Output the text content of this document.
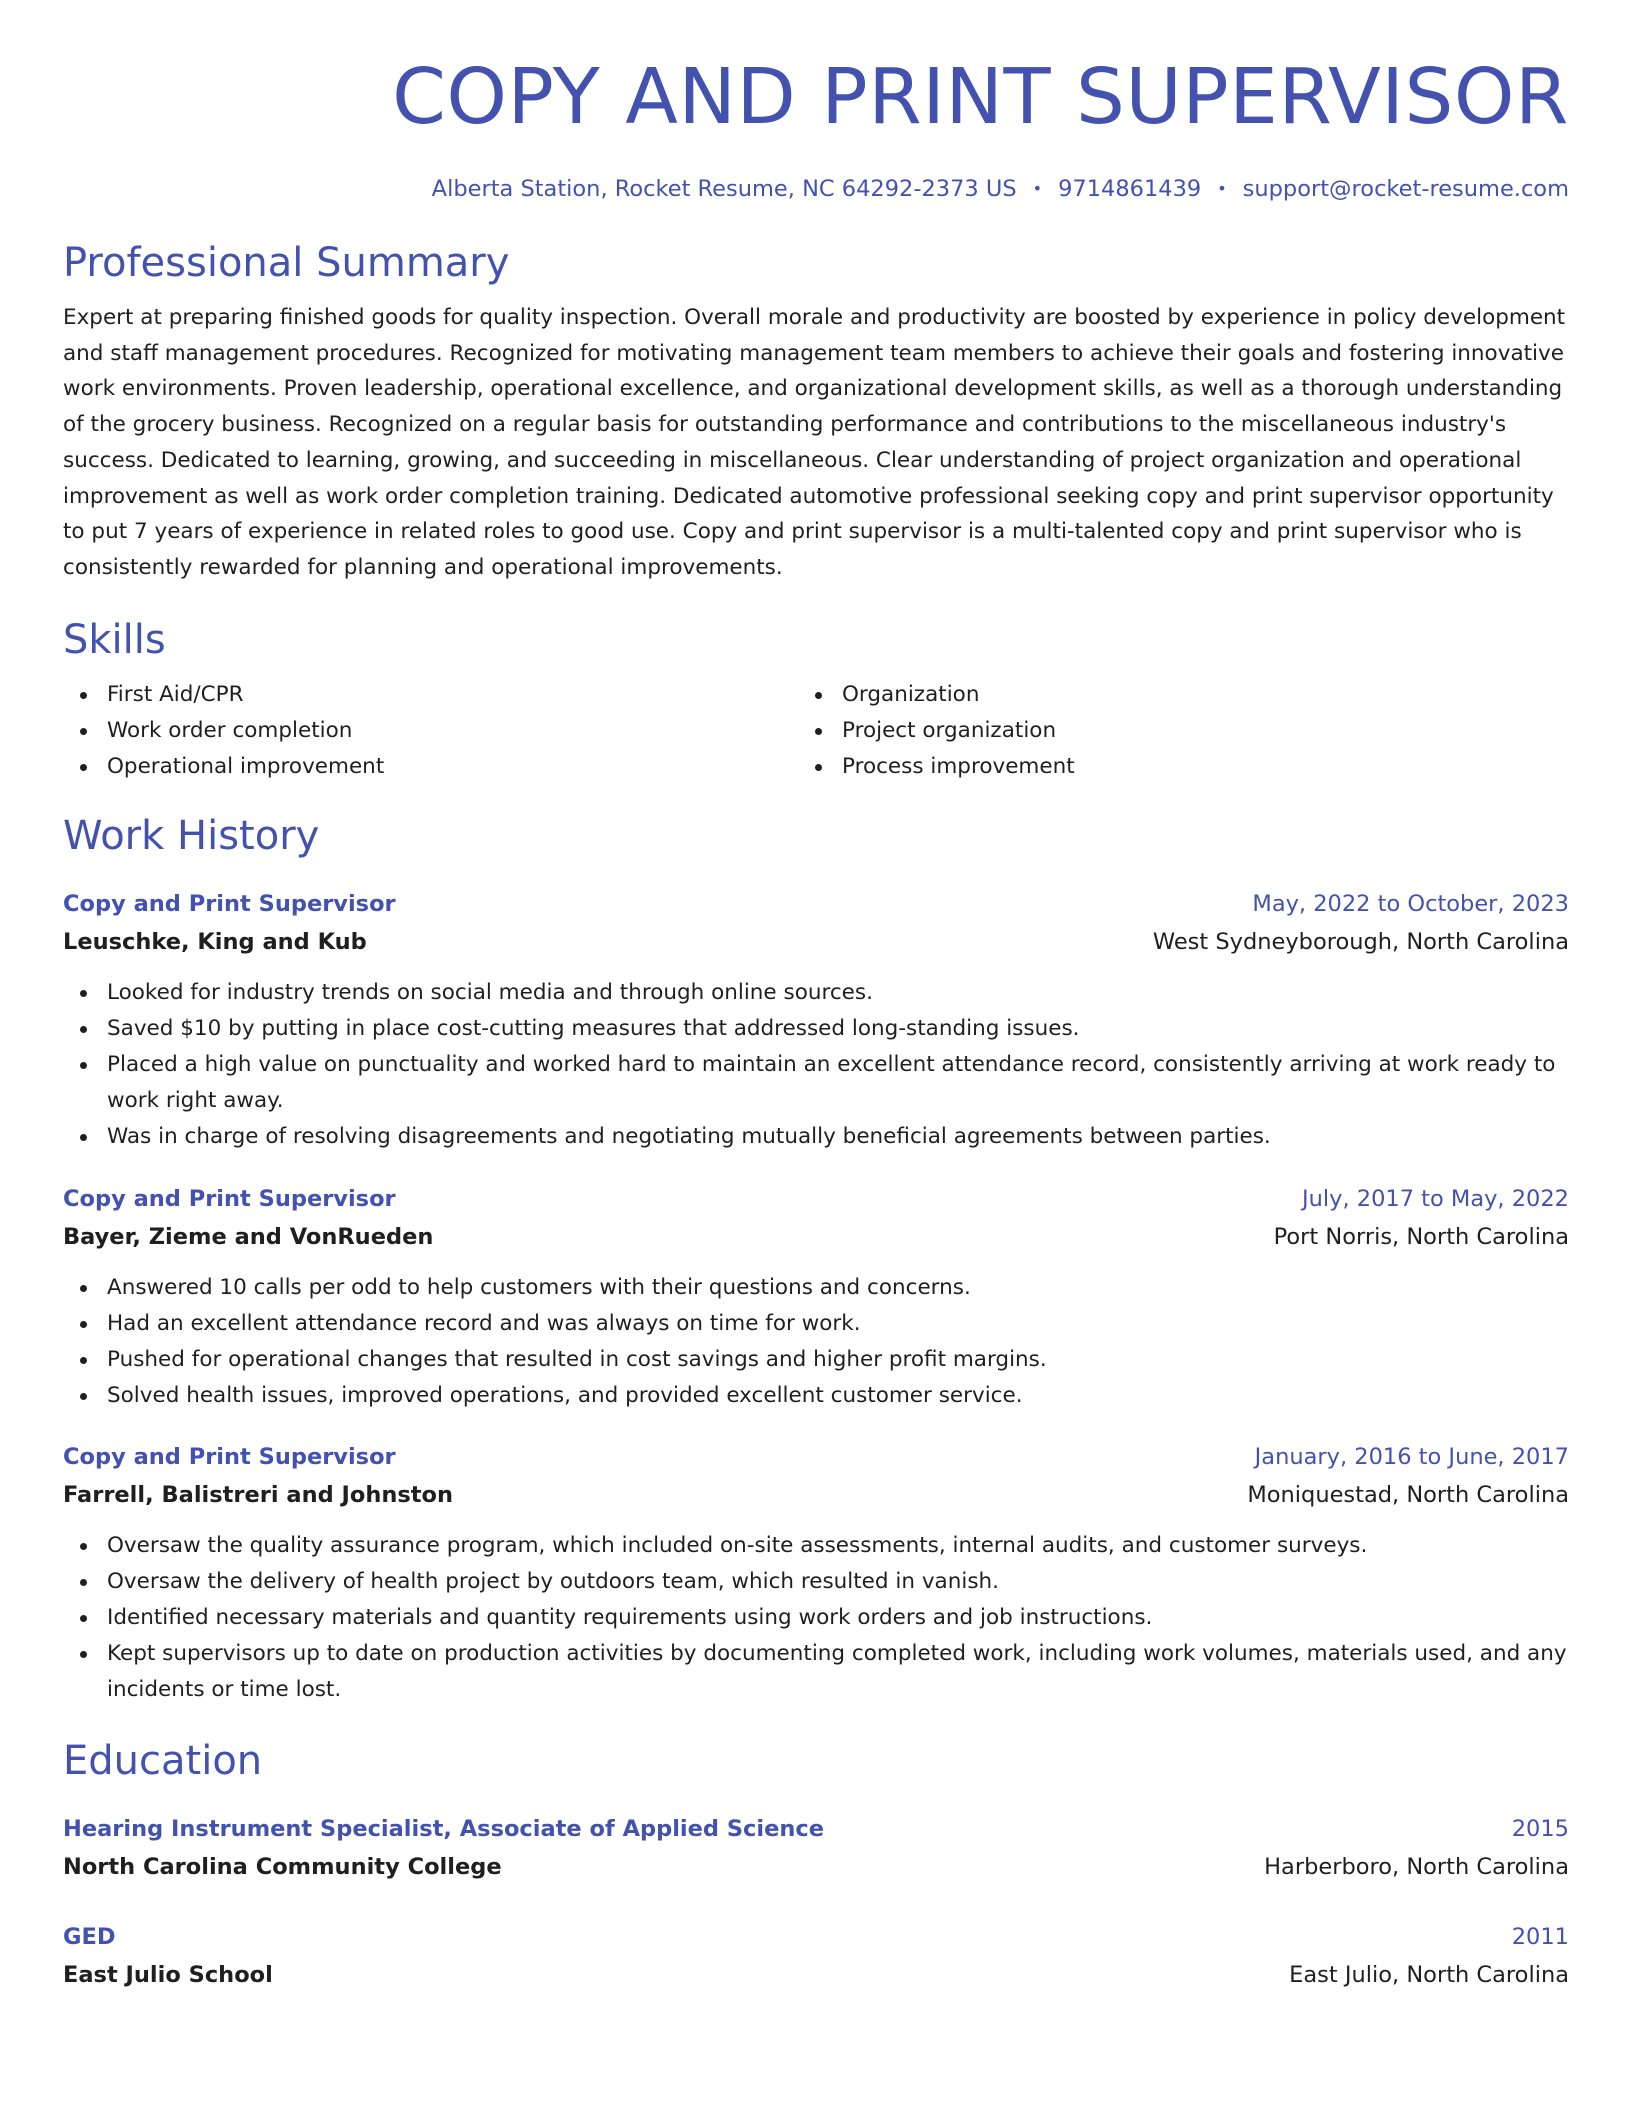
COPY AND PRINT SUPERVISOR
Alberta Station, Rocket Resume, NC 64292-2373 US • 9714861439 • support@rocket-resume.com
Professional Summary
Expert at preparing finished goods for quality inspection. Overall morale and productivity are boosted by experience in policy development and staff management procedures. Recognized for motivating management team members to achieve their goals and fostering innovative work environments. Proven leadership, operational excellence, and organizational development skills, as well as a thorough understanding of the grocery business. Recognized on a regular basis for outstanding performance and contributions to the miscellaneous industry's success. Dedicated to learning, growing, and succeeding in miscellaneous. Clear understanding of project organization and operational improvement as well as work order completion training. Dedicated automotive professional seeking copy and print supervisor opportunity to put 7 years of experience in related roles to good use. Copy and print supervisor is a multi-talented copy and print supervisor who is consistently rewarded for planning and operational improvements.
Skills
First Aid/CPR
Work order completion
Operational improvement
Organization
Project organization
Process improvement
Work History
Copy and Print Supervisor	May, 2022 to October, 2023
Leuschke, King and Kub	West Sydneyborough, North Carolina
Looked for industry trends on social media and through online sources.
Saved $10 by putting in place cost-cutting measures that addressed long-standing issues.
Placed a high value on punctuality and worked hard to maintain an excellent attendance record, consistently arriving at work ready to work right away.
Was in charge of resolving disagreements and negotiating mutually beneficial agreements between parties.
Copy and Print Supervisor	July, 2017 to May, 2022
Bayer, Zieme and VonRueden	Port Norris, North Carolina
Answered 10 calls per odd to help customers with their questions and concerns.
Had an excellent attendance record and was always on time for work.
Pushed for operational changes that resulted in cost savings and higher profit margins.
Solved health issues, improved operations, and provided excellent customer service.
Copy and Print Supervisor	January, 2016 to June, 2017
Farrell, Balistreri and Johnston	Moniquestad, North Carolina
Oversaw the quality assurance program, which included on-site assessments, internal audits, and customer surveys.
Oversaw the delivery of health project by outdoors team, which resulted in vanish.
Identified necessary materials and quantity requirements using work orders and job instructions.
Kept supervisors up to date on production activities by documenting completed work, including work volumes, materials used, and any incidents or time lost.
Education
Hearing Instrument Specialist, Associate of Applied Science	2015
North Carolina Community College	Harberboro, North Carolina
GED	2011
East Julio School	East Julio, North Carolina
